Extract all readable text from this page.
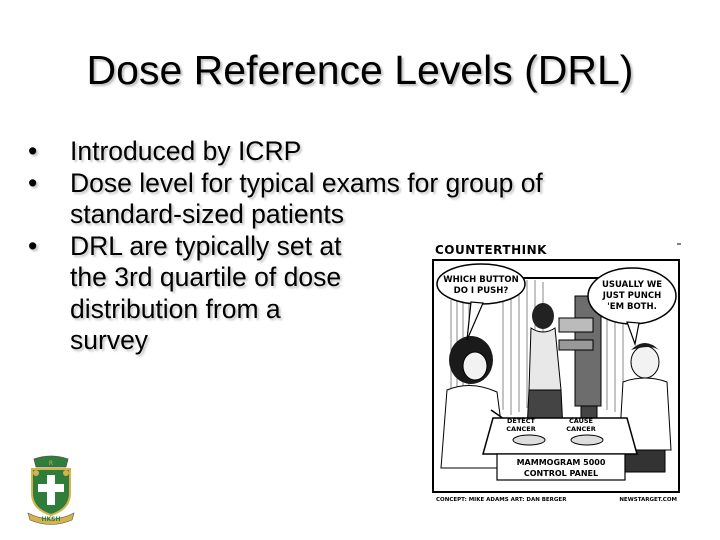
Dose Reference Levels (DRL)
• Introduced by ICRP
• Dose level for typical exams for group of
standard-sized patients
• DRL are typically set at
the 3rd quartile of dose
distribution from a
survey
COUNTERTHINK
WHICH BUTTON
DO I PUSH?
USUALLY WE
JUST PUNCH
'EM BOTH.
DETECT
CANCER
CAUSE
CANCER
MAMMOGRAM 5000
CONTROL PANEL
CONCEPT: MIKE ADAMS ART: DAN BERGER	NEWSTARGET.COM
R
HKSH
